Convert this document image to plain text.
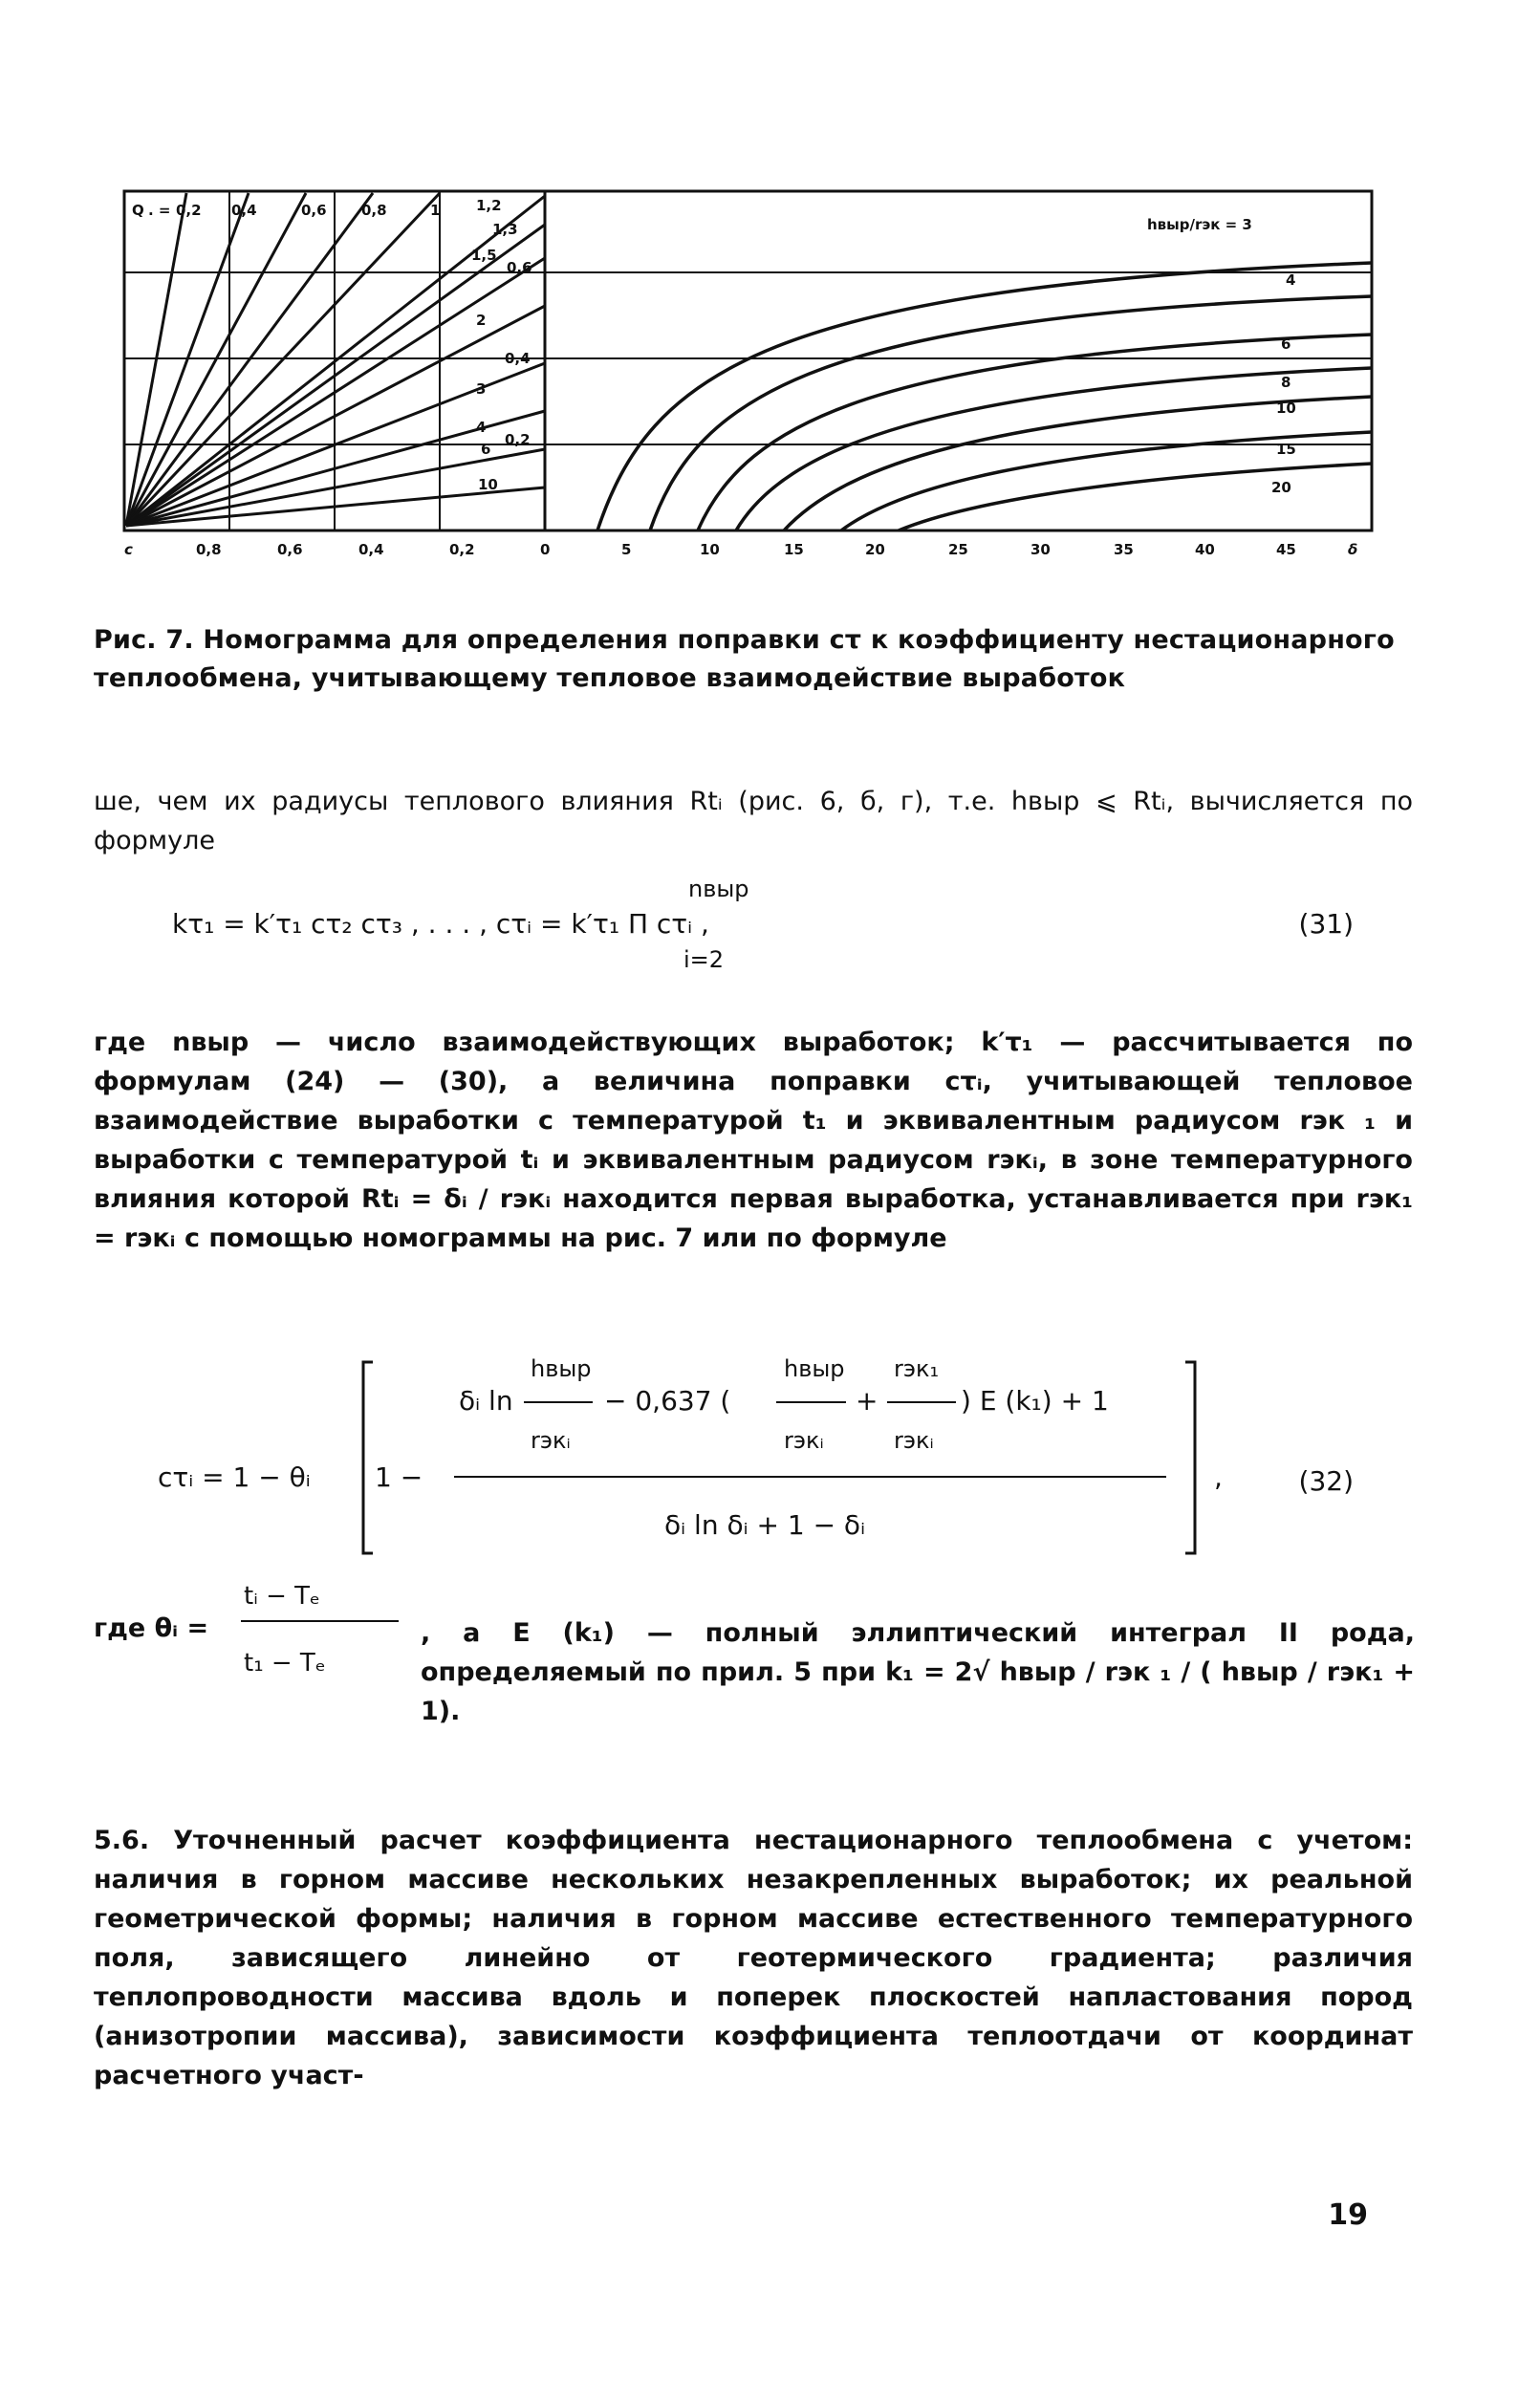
Q . = 0,2 0,4	0,6 0,8	1	1,2
1,3
1,5
2
3
4
6
10
0,6
0,4
0,2
c	0,8	0,6	0,4	0,2	0
hвыр/rэк = 3
4
6
8
10
15
20
5	10	15	20	25	30	35	40	45	δ
Рис. 7. Номограмма для определения поправки cτ к коэффициенту нестационарного теплообмена, учитывающему тепловое взаимодействие выработок
ше, чем их радиусы теплового влияния Rtᵢ (рис. 6, б, г), т.е. hвыр ⩽ Rtᵢ, вычисляется по формуле
nвыр
kτ₁ = k′τ₁ cτ₂ cτ₃ , . . . , cτᵢ = k′τ₁ Π cτᵢ ,
i=2
(31)
где nвыр — число взаимодействующих выработок; k′τ₁ — рассчитывается по формулам (24) — (30), а величина поправки cτᵢ, учитывающей тепловое взаимодействие выработки с температурой t₁ и эквивалентным радиусом rэк ₁ и выработки с температурой tᵢ и эквивалентным радиусом rэкᵢ, в зоне температурного влияния которой Rtᵢ = δᵢ / rэкᵢ находится первая выработка, устанавливается при rэк₁ = rэкᵢ с помощью номограммы на рис. 7 или по формуле
cτᵢ = 1 − θᵢ 1 −
hвыр
δᵢ ln
rэкᵢ
− 0,637 (
hвыр
rэкᵢ
+
rэк₁
rэкᵢ
) E (k₁) + 1
δᵢ ln δᵢ + 1 − δᵢ
,	(32)
где θᵢ =
tᵢ − Tₑ
t₁ − Tₑ
, а E (k₁) — полный эллиптический интеграл II рода, определяемый по прил. 5 при k₁ = 2√ hвыр / rэк ₁ / ( hвыр / rэк₁ + 1).
5.6. Уточненный расчет коэффициента нестационарного теплообмена с учетом: наличия в горном массиве нескольких незакрепленных выработок; их реальной геометрической формы; наличия в горном массиве естественного температурного поля, зависящего линейно от геотермического градиента; различия теплопроводности массива вдоль и поперек плоскостей напластования пород (анизотропии массива), зависимости коэффициента теплоотдачи от координат расчетного участ-
19
